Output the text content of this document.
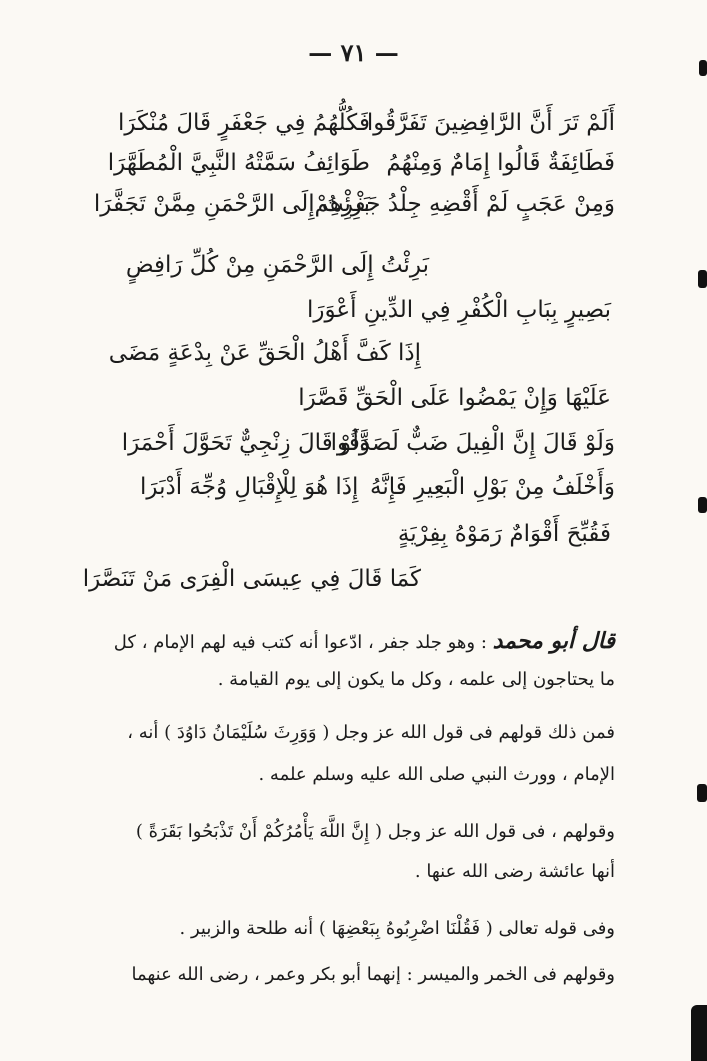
— ٧١ —
أَلَمْ تَرَ أَنَّ الرَّافِضِينَ تَفَرَّقُوا
فَكُلُّهُمُ فِي جَعْفَرٍ قَالَ مُنْكَرَا
فَطَائِفَةٌ قَالُوا إِمَامٌ وَمِنْهُمُ
طَوَائِفُ سَمَّتْهُ النَّبِيَّ الْمُطَهَّرَا
وَمِنْ عَجَبٍ لَمْ أَقْضِهِ جِلْدُ جَفْرِهِمْ
بَرِئْتُ إِلَى الرَّحْمَنِ مِمَّنْ تَجَفَّرَا
بَرِئْتُ إِلَى الرَّحْمَنِ مِنْ كُلِّ رَافِضٍ
بَصِيرٍ بِبَابِ الْكُفْرِ فِي الدِّينِ أَعْوَرَا
إِذَا كَفَّ أَهْلُ الْحَقِّ عَنْ بِدْعَةٍ مَضَى
عَلَيْهَا وَإِنْ يَمْضُوا عَلَى الْحَقِّ قَصَّرَا
وَلَوْ قَالَ إِنَّ الْفِيلَ ضَبٌّ لَصَدَّقُوا
وَلَوْ قَالَ زِنْجِيٌّ تَحَوَّلَ أَحْمَرَا
وَأَخْلَفُ مِنْ بَوْلِ الْبَعِيرِ فَإِنَّهُ
إِذَا هُوَ لِلْإِقْبَالِ وُجِّهَ أَدْبَرَا
فَقُبِّحَ أَقْوَامٌ رَمَوْهُ بِفِرْيَةٍ
كَمَا قَالَ فِي عِيسَى الْفِرَى مَنْ تَنَصَّرَا
قال أبو محمد : وهو جلد جفر ، ادّعوا أنه كتب فيه لهم الإمام ، كل
ما يحتاجون إلى علمه ، وكل ما يكون إلى يوم القيامة .
فمن ذلك قولهم فى قول الله عز وجل ( وَوَرِثَ سُلَيْمَانُ دَاوُدَ ) أنه ،
الإمام ، وورث النبي صلى الله عليه وسلم علمه .
وقولهم ، فى قول الله عز وجل ( إِنَّ اللَّهَ يَأْمُرُكُمْ أَنْ تَذْبَحُوا بَقَرَةً )
أنها عائشة رضى الله عنها .
وفى قوله تعالى ( فَقُلْنَا اضْرِبُوهُ بِبَعْضِهَا ) أنه طلحة والزبير .
وقولهم فى الخمر والميسر : إنهما أبو بكر وعمر ، رضى الله عنهما
